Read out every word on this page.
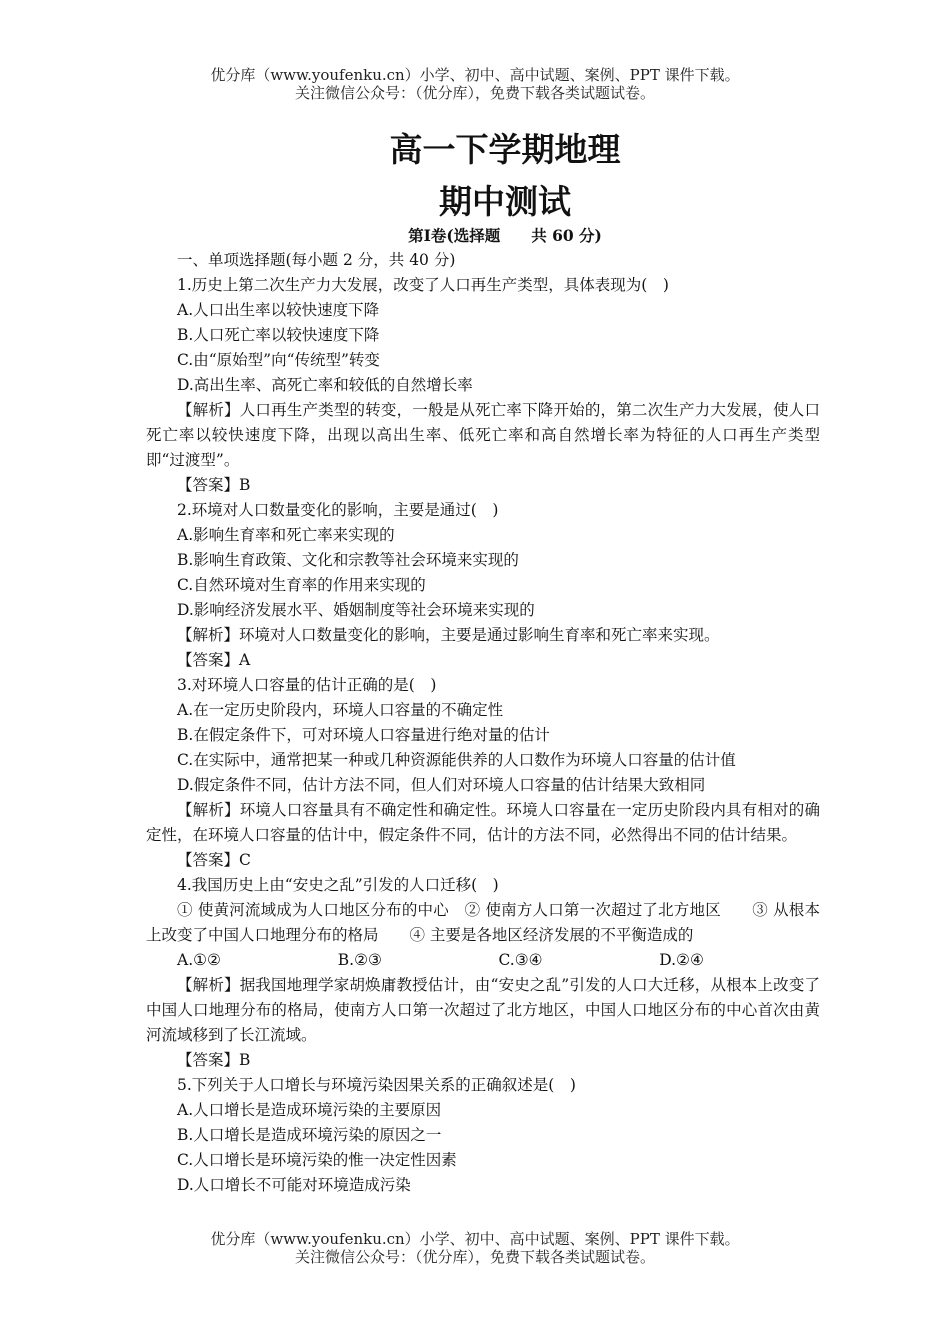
优分库（www.youfenku.cn）小学、初中、高中试题、案例、PPT 课件下载。
关注微信公众号：（优分库），免费下载各类试题试卷。
高一下学期地理
期中测试
第Ⅰ卷(选择题　　共 60 分)
一、单项选择题(每小题 2 分，共 40 分)
1.历史上第二次生产力大发展，改变了人口再生产类型，具体表现为(　)
A.人口出生率以较快速度下降
B.人口死亡率以较快速度下降
C.由“原始型”向“传统型”转变
D.高出生率、高死亡率和较低的自然增长率
【解析】人口再生产类型的转变，一般是从死亡率下降开始的，第二次生产力大发展，使人口死亡率以较快速度下降，出现以高出生率、低死亡率和高自然增长率为特征的人口再生产类型即“过渡型”。
【答案】B
2.环境对人口数量变化的影响，主要是通过(　)
A.影响生育率和死亡率来实现的
B.影响生育政策、文化和宗教等社会环境来实现的
C.自然环境对生育率的作用来实现的
D.影响经济发展水平、婚姻制度等社会环境来实现的
【解析】环境对人口数量变化的影响，主要是通过影响生育率和死亡率来实现。
【答案】A
3.对环境人口容量的估计正确的是(　)
A.在一定历史阶段内，环境人口容量的不确定性
B.在假定条件下，可对环境人口容量进行绝对量的估计
C.在实际中，通常把某一种或几种资源能供养的人口数作为环境人口容量的估计值
D.假定条件不同，估计方法不同，但人们对环境人口容量的估计结果大致相同
【解析】环境人口容量具有不确定性和确定性。环境人口容量在一定历史阶段内具有相对的确定性，在环境人口容量的估计中，假定条件不同，估计的方法不同，必然得出不同的估计结果。
【答案】C
4.我国历史上由“安史之乱”引发的人口迁移(　)
① 使黄河流域成为人口地区分布的中心　② 使南方人口第一次超过了北方地区　　③ 从根本上改变了中国人口地理分布的格局　　④ 主要是各地区经济发展的不平衡造成的
A.①②	B.②③	C.③④	D.②④
【解析】据我国地理学家胡焕庸教授估计，由“安史之乱”引发的人口大迁移，从根本上改变了中国人口地理分布的格局，使南方人口第一次超过了北方地区，中国人口地区分布的中心首次由黄河流域移到了长江流域。
【答案】B
5.下列关于人口增长与环境污染因果关系的正确叙述是(　)
A.人口增长是造成环境污染的主要原因
B.人口增长是造成环境污染的原因之一
C.人口增长是环境污染的惟一决定性因素
D.人口增长不可能对环境造成污染
优分库（www.youfenku.cn）小学、初中、高中试题、案例、PPT 课件下载。
关注微信公众号：（优分库），免费下载各类试题试卷。
